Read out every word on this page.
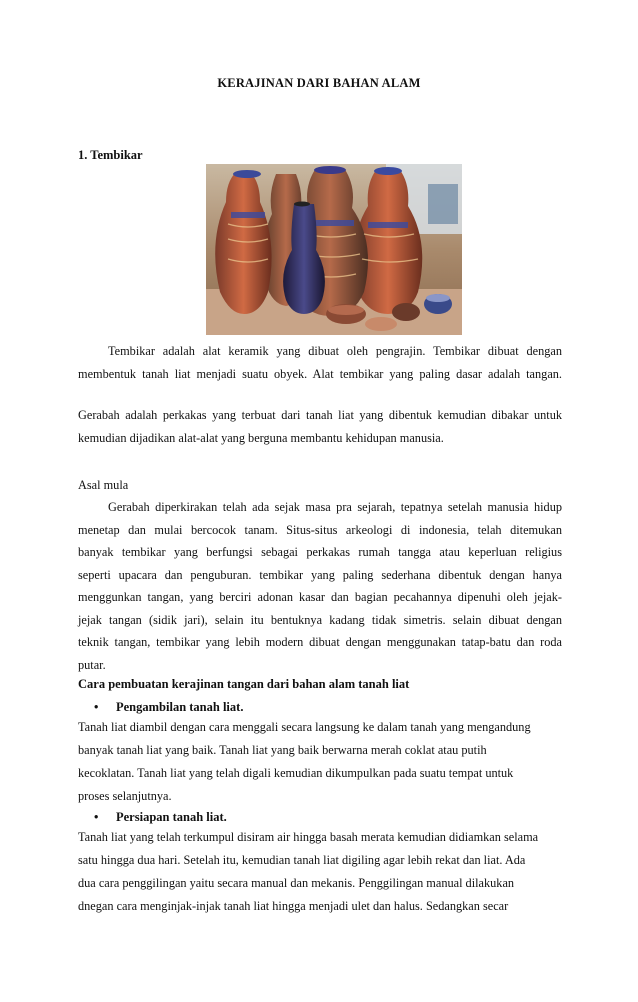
KERAJINAN DARI BAHAN ALAM
1. Tembikar
Tembikar adalah alat keramik yang dibuat oleh pengrajin. Tembikar dibuat dengan
membentuk tanah liat menjadi suatu obyek. Alat tembikar yang paling dasar adalah tangan.
Gerabah adalah perkakas yang terbuat dari tanah liat yang dibentuk kemudian dibakar untuk
kemudian dijadikan alat-alat yang berguna membantu kehidupan manusia.
Asal mula
Gerabah diperkirakan telah ada sejak masa pra sejarah, tepatnya setelah manusia hidup
menetap dan mulai bercocok tanam. Situs-situs arkeologi di indonesia, telah ditemukan
banyak tembikar yang berfungsi sebagai perkakas rumah tangga atau keperluan religius
seperti upacara dan penguburan. tembikar yang paling sederhana dibentuk dengan hanya
menggunkan tangan, yang berciri adonan kasar dan bagian pecahannya dipenuhi oleh jejak-
jejak tangan (sidik jari), selain itu bentuknya kadang tidak simetris. selain dibuat dengan
teknik tangan, tembikar yang lebih modern dibuat dengan menggunakan tatap-batu dan roda
putar.
Cara pembuatan kerajinan tangan dari bahan alam tanah liat
• Pengambilan tanah liat.
Tanah liat diambil dengan cara menggali secara langsung ke dalam tanah yang mengandung
banyak tanah liat yang baik. Tanah liat yang baik berwarna merah coklat atau putih
kecoklatan. Tanah liat yang telah digali kemudian dikumpulkan pada suatu tempat untuk
proses selanjutnya.
• Persiapan tanah liat.
Tanah liat yang telah terkumpul disiram air hingga basah merata kemudian didiamkan selama
satu hingga dua hari. Setelah itu, kemudian tanah liat digiling agar lebih rekat dan liat. Ada
dua cara penggilingan yaitu secara manual dan mekanis. Penggilingan manual dilakukan
dnegan cara menginjak-injak tanah liat hingga menjadi ulet dan halus. Sedangkan secar
